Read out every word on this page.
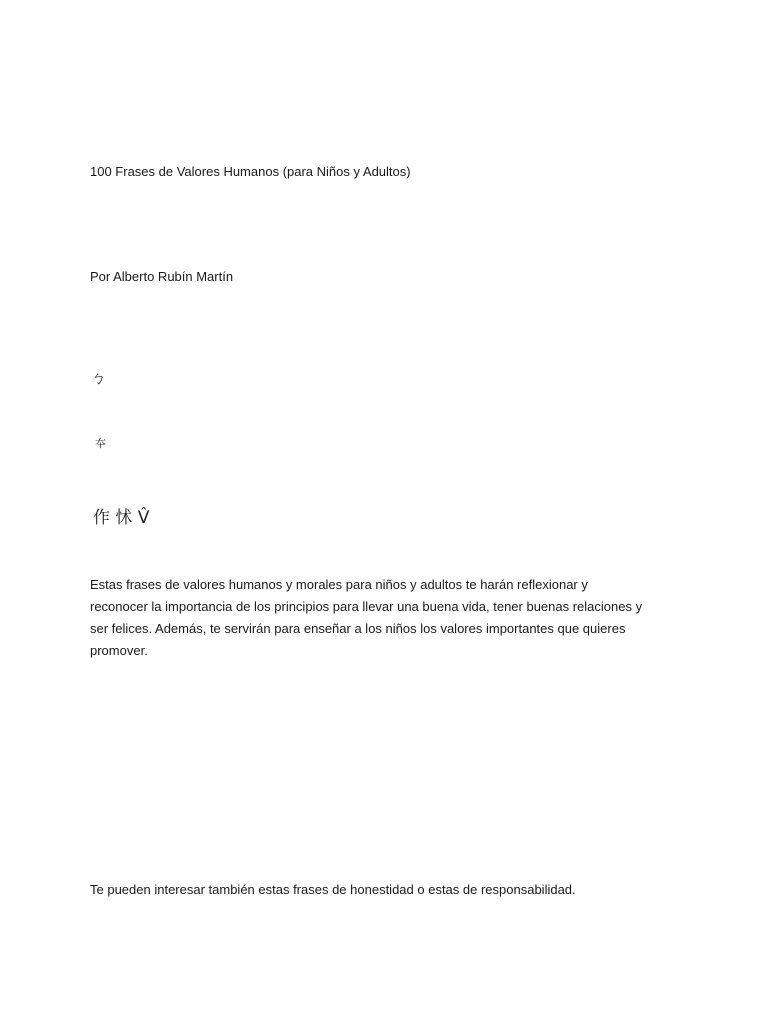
100 Frases de Valores Humanos (para Niños y Adultos)
Por Alberto Rubín Martín
ㄅ
夲
作 怵 V̂
Estas frases de valores humanos y morales para niños y adultos te harán reflexionar y
reconocer la importancia de los principios para llevar una buena vida, tener buenas relaciones y
ser felices. Además, te servirán para enseñar a los niños los valores importantes que quieres
promover.
Te pueden interesar también estas frases de honestidad o estas de responsabilidad.
